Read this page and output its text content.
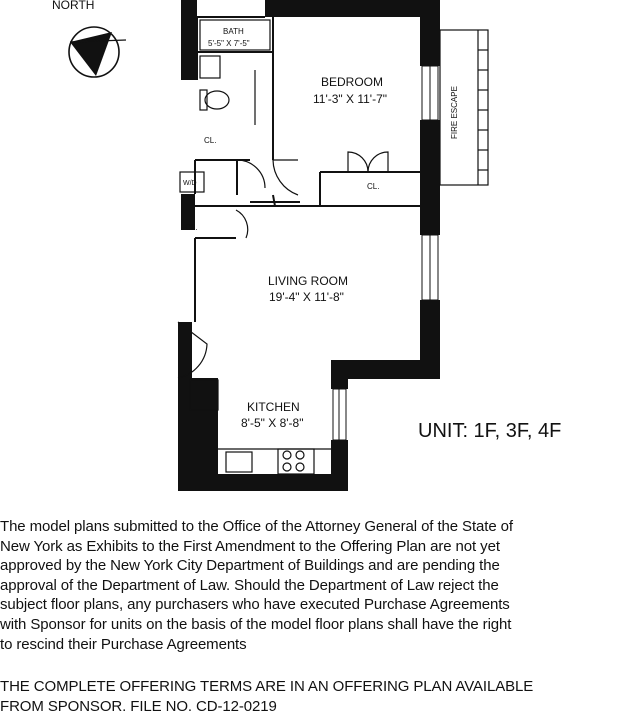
NORTH
BATH
5'-5" X 7'-5"
W/D
CL.
CL.
CL.
BEDROOM
11'-3" X 11'-7"
LIVING ROOM
19'-4" X 11'-8"
KITCHEN
8'-5" X 8'-8"
FIRE ESCAPE
UNIT: 1F, 3F, 4F
The model plans submitted to the Office of the Attorney General of the State of
New York as Exhibits to the First Amendment to the Offering Plan are not yet
approved by the New York City Department of Buildings and are pending the
approval of the Department of Law. Should the Department of Law reject the
subject floor plans, any purchasers who have executed Purchase Agreements
with Sponsor for units on the basis of the model floor plans shall have the right
to rescind their Purchase Agreements
THE COMPLETE OFFERING TERMS ARE IN AN OFFERING PLAN AVAILABLE
FROM SPONSOR. FILE NO. CD-12-0219
